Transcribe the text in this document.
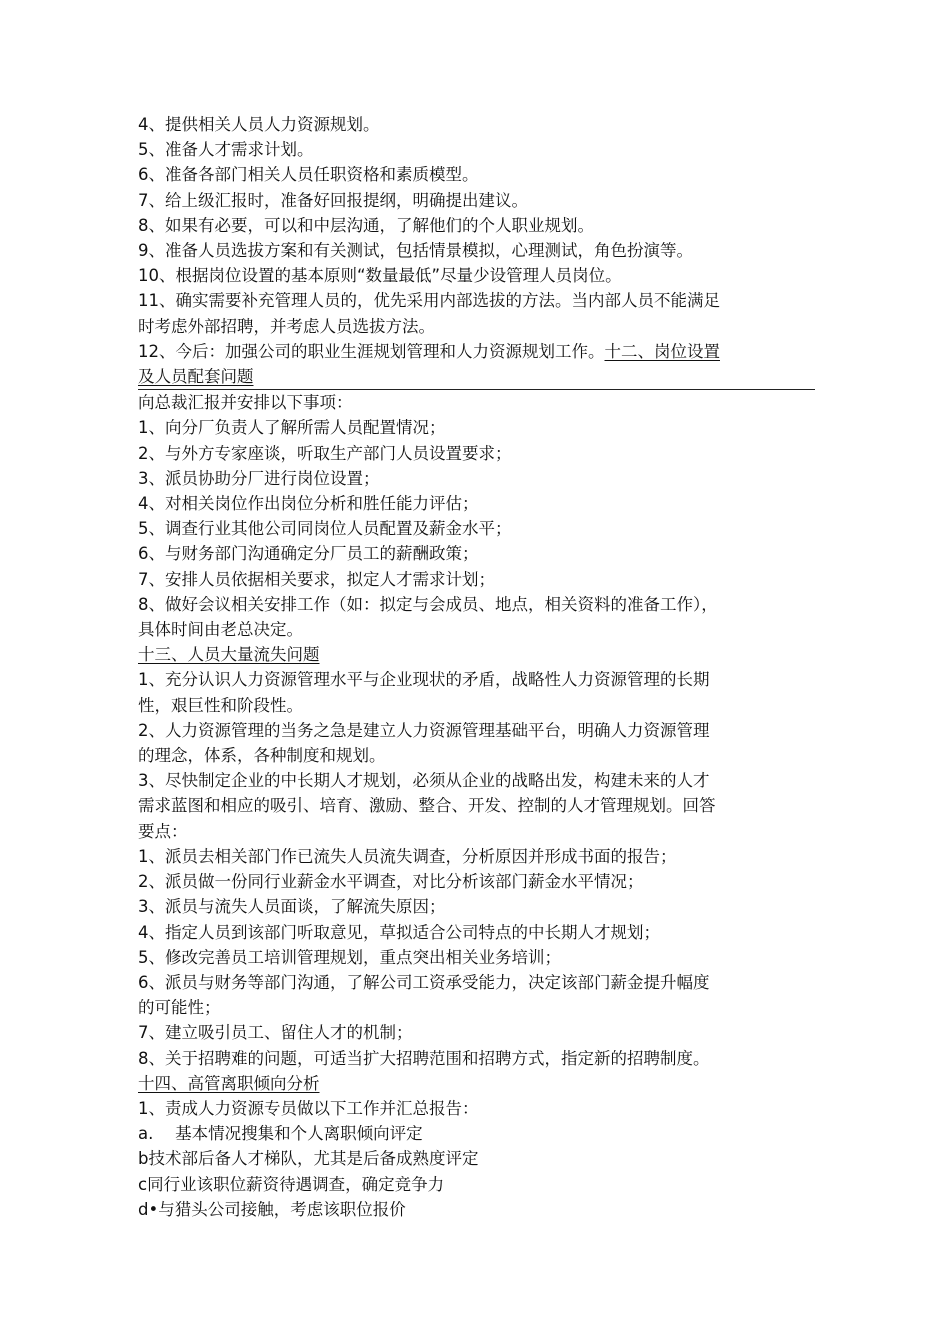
4、提供相关人员人力资源规划。
5、准备人才需求计划。
6、准备各部门相关人员任职资格和素质模型。
7、给上级汇报时，准备好回报提纲，明确提出建议。
8、如果有必要，可以和中层沟通，了解他们的个人职业规划。
9、准备人员选拔方案和有关测试，包括情景模拟，心理测试，角色扮演等。
10、根据岗位设置的基本原则“数量最低”尽量少设管理人员岗位。
11、确实需要补充管理人员的，优先采用内部选拔的方法。当内部人员不能满足
时考虑外部招聘，并考虑人员选拔方法。
12、今后：加强公司的职业生涯规划管理和人力资源规划工作。十二、岗位设置
及人员配套问题
向总裁汇报并安排以下事项：
1、向分厂负责人了解所需人员配置情况；
2、与外方专家座谈，听取生产部门人员设置要求；
3、派员协助分厂进行岗位设置；
4、对相关岗位作出岗位分析和胜任能力评估；
5、调查行业其他公司同岗位人员配置及薪金水平；
6、与财务部门沟通确定分厂员工的薪酬政策；
7、安排人员依据相关要求，拟定人才需求计划；
8、做好会议相关安排工作（如：拟定与会成员、地点，相关资料的准备工作），
具体时间由老总决定。
十三、人员大量流失问题
1、充分认识人力资源管理水平与企业现状的矛盾，战略性人力资源管理的长期
性，艰巨性和阶段性。
2、人力资源管理的当务之急是建立人力资源管理基础平台，明确人力资源管理
的理念，体系，各种制度和规划。
3、尽快制定企业的中长期人才规划，必须从企业的战略出发，构建未来的人才
需求蓝图和相应的吸引、培育、激励、整合、开发、控制的人才管理规划。回答
要点：
1、派员去相关部门作已流失人员流失调查，分析原因并形成书面的报告；
2、派员做一份同行业薪金水平调查，对比分析该部门薪金水平情况；
3、派员与流失人员面谈，了解流失原因；
4、指定人员到该部门听取意见，草拟适合公司特点的中长期人才规划；
5、修改完善员工培训管理规划，重点突出相关业务培训；
6、派员与财务等部门沟通，了解公司工资承受能力，决定该部门薪金提升幅度
的可能性；
7、建立吸引员工、留住人才的机制；
8、关于招聘难的问题，可适当扩大招聘范围和招聘方式，指定新的招聘制度。
十四、高管离职倾向分析
1、责成人力资源专员做以下工作并汇总报告：
a.　 基本情况搜集和个人离职倾向评定
b技术部后备人才梯队，尤其是后备成熟度评定
c同行业该职位薪资待遇调查，确定竞争力
d•与猎头公司接触，考虑该职位报价
